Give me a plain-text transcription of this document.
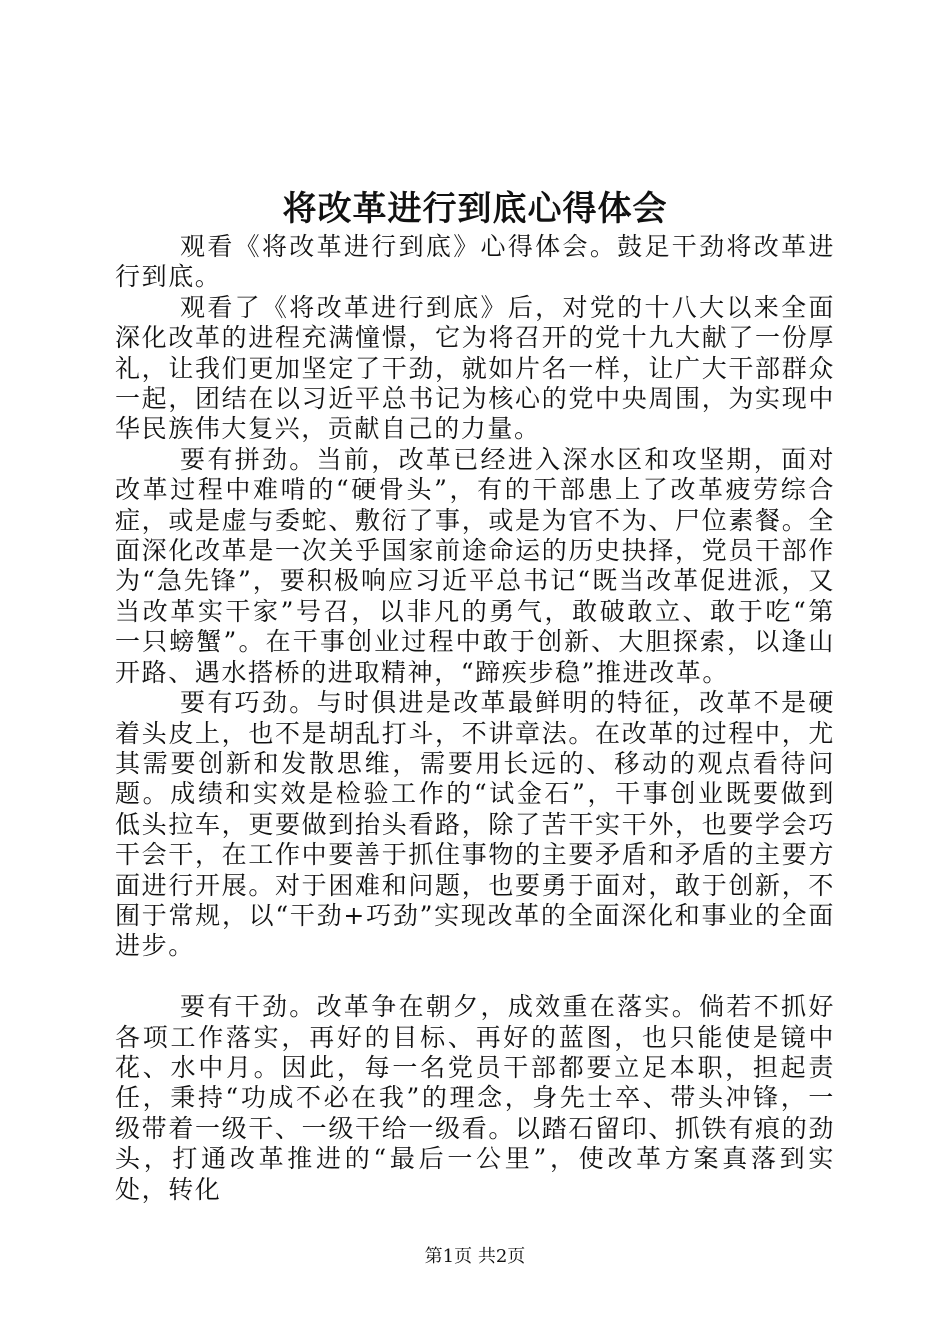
将改革进行到底心得体会

观看《将改革进行到底》心得体会。鼓足干劲将改革进行到底。

观看了《将改革进行到底》后，对党的十八大以来全面深化改革的进程充满憧憬，它为将召开的党十九大献了一份厚礼，让我们更加坚定了干劲，就如片名一样，让广大干部群众一起，团结在以习近平总书记为核心的党中央周围，为实现中华民族伟大复兴，贡献自己的力量。

要有拼劲。当前，改革已经进入深水区和攻坚期，面对改革过程中难啃的“硬骨头”，有的干部患上了改革疲劳综合症，或是虚与委蛇、敷衍了事，或是为官不为、尸位素餐。全面深化改革是一次关乎国家前途命运的历史抉择，党员干部作为“急先锋”，要积极响应习近平总书记“既当改革促进派，又当改革实干家”号召，以非凡的勇气，敢破敢立、敢于吃“第一只螃蟹”。在干事创业过程中敢于创新、大胆探索，以逢山开路、遇水搭桥的进取精神，“蹄疾步稳”推进改革。

要有巧劲。与时俱进是改革最鲜明的特征，改革不是硬着头皮上，也不是胡乱打斗，不讲章法。在改革的过程中，尤其需要创新和发散思维，需要用长远的、移动的观点看待问题。成绩和实效是检验工作的“试金石”，干事创业既要做到低头拉车，更要做到抬头看路，除了苦干实干外，也要学会巧干会干，在工作中要善于抓住事物的主要矛盾和矛盾的主要方面进行开展。对于困难和问题，也要勇于面对，敢于创新，不囿于常规，以“干劲+巧劲”实现改革的全面深化和事业的全面进步。

要有干劲。改革争在朝夕，成效重在落实。倘若不抓好各项工作落实，再好的目标、再好的蓝图，也只能使是镜中花、水中月。因此，每一名党员干部都要立足本职，担起责任，秉持“功成不必在我”的理念，身先士卒、带头冲锋，一级带着一级干、一级干给一级看。以踏石留印、抓铁有痕的劲头，打通改革推进的“最后一公里”，使改革方案真落到实处，转化

第1页 共2页
